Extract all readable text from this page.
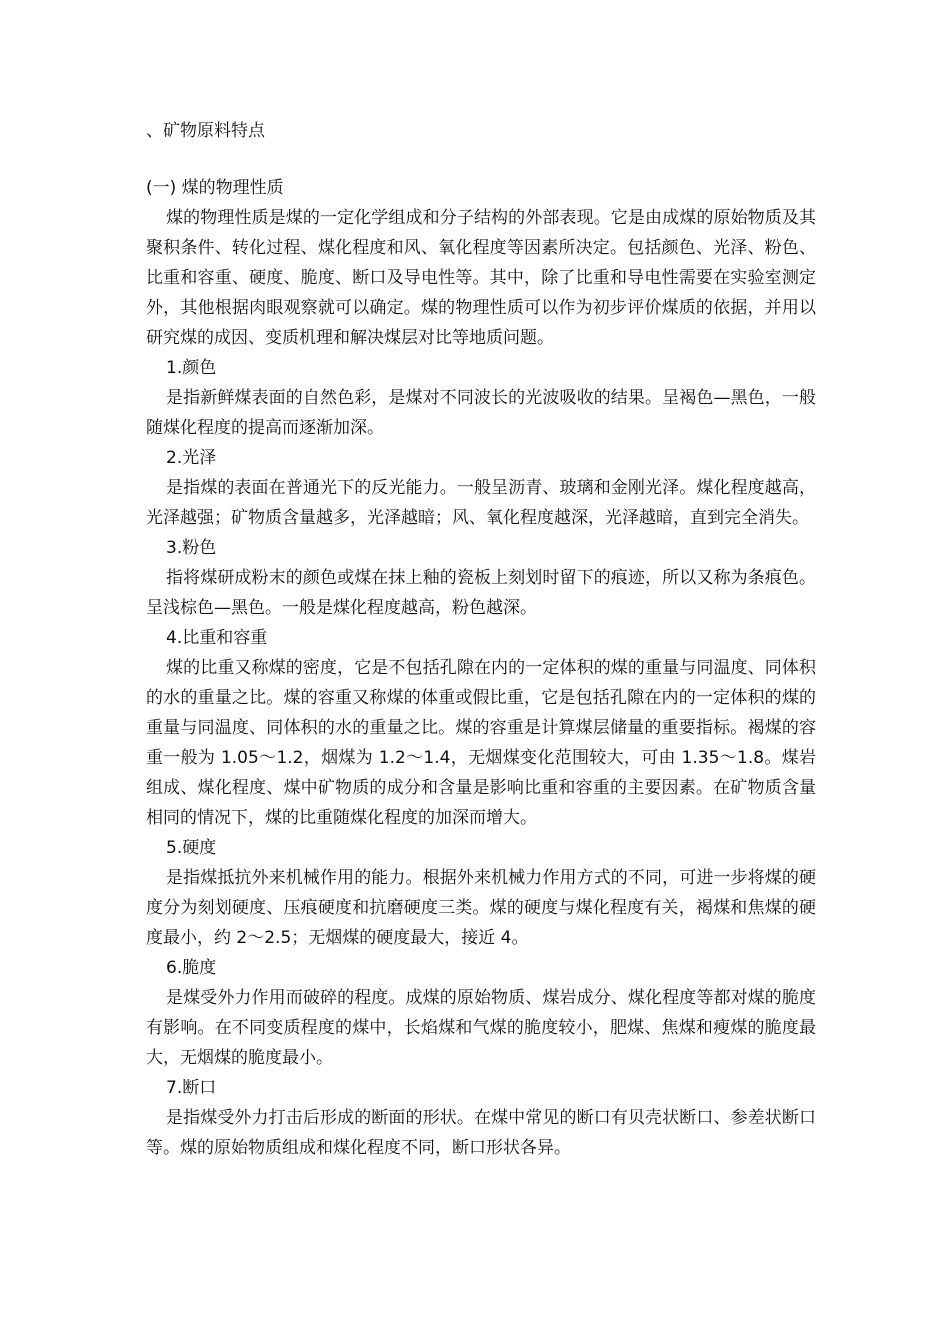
、矿物原料特点

(一) 煤的物理性质

煤的物理性质是煤的一定化学组成和分子结构的外部表现。它是由成煤的原始物质及其聚积条件、转化过程、煤化程度和风、氧化程度等因素所决定。包括颜色、光泽、粉色、比重和容重、硬度、脆度、断口及导电性等。其中，除了比重和导电性需要在实验室测定外，其他根据肉眼观察就可以确定。煤的物理性质可以作为初步评价煤质的依据，并用以研究煤的成因、变质机理和解决煤层对比等地质问题。

1.颜色

是指新鲜煤表面的自然色彩，是煤对不同波长的光波吸收的结果。呈褐色—黑色，一般随煤化程度的提高而逐渐加深。

2.光泽

是指煤的表面在普通光下的反光能力。一般呈沥青、玻璃和金刚光泽。煤化程度越高，光泽越强；矿物质含量越多，光泽越暗；风、氧化程度越深，光泽越暗，直到完全消失。

3.粉色

指将煤研成粉末的颜色或煤在抹上釉的瓷板上刻划时留下的痕迹，所以又称为条痕色。呈浅棕色—黑色。一般是煤化程度越高，粉色越深。

4.比重和容重

煤的比重又称煤的密度，它是不包括孔隙在内的一定体积的煤的重量与同温度、同体积的水的重量之比。煤的容重又称煤的体重或假比重，它是包括孔隙在内的一定体积的煤的重量与同温度、同体积的水的重量之比。煤的容重是计算煤层储量的重要指标。褐煤的容重一般为 1.05～1.2，烟煤为 1.2～1.4，无烟煤变化范围较大，可由 1.35～1.8。煤岩组成、煤化程度、煤中矿物质的成分和含量是影响比重和容重的主要因素。在矿物质含量相同的情况下，煤的比重随煤化程度的加深而增大。

5.硬度

是指煤抵抗外来机械作用的能力。根据外来机械力作用方式的不同，可进一步将煤的硬度分为刻划硬度、压痕硬度和抗磨硬度三类。煤的硬度与煤化程度有关，褐煤和焦煤的硬度最小，约 2～2.5；无烟煤的硬度最大，接近 4。

6.脆度

是煤受外力作用而破碎的程度。成煤的原始物质、煤岩成分、煤化程度等都对煤的脆度有影响。在不同变质程度的煤中，长焰煤和气煤的脆度较小，肥煤、焦煤和瘦煤的脆度最大，无烟煤的脆度最小。

7.断口

是指煤受外力打击后形成的断面的形状。在煤中常见的断口有贝壳状断口、参差状断口等。煤的原始物质组成和煤化程度不同，断口形状各异。
